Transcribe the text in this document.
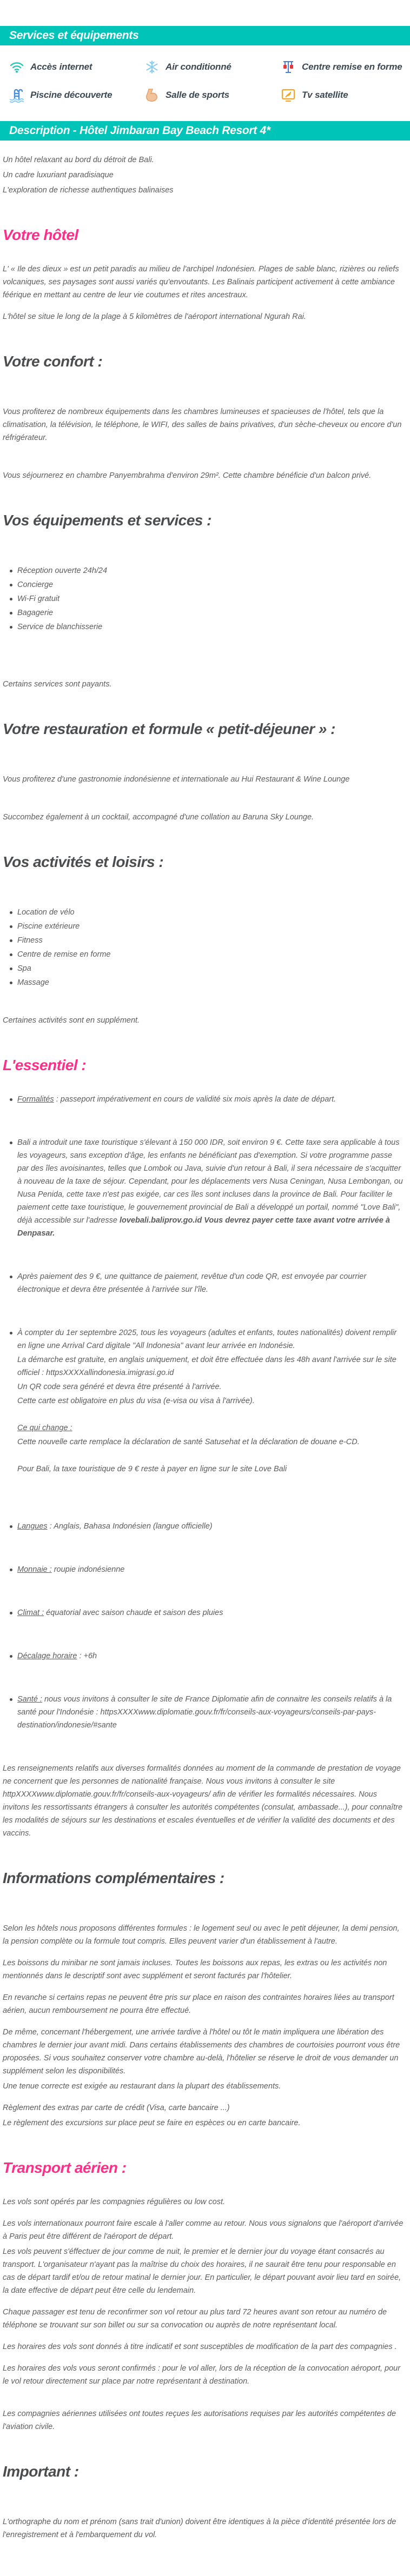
Services et équipements
Accès internet	Air conditionné	Centre remise en forme
Piscine découverte	Salle de sports	Tv satellite
Description - Hôtel Jimbaran Bay Beach Resort 4*
Un hôtel relaxant au bord du détroit de Bali.
Un cadre luxuriant paradisiaque
L'exploration de richesse authentiques balinaises
Votre hôtel
L' « Ile des dieux » est un petit paradis au milieu de l'archipel Indonésien. Plages de sable blanc, rizières ou reliefs volcaniques, ses paysages sont aussi variés qu'envoutants. Les Balinais participent activement à cette ambiance féérique en mettant au centre de leur vie coutumes et rites ancestraux.
L'hôtel se situe le long de la plage à 5 kilomètres de l'aéroport international Ngurah Rai.
Votre confort :
Vous profiterez de nombreux équipements dans les chambres lumineuses et spacieuses de l'hôtel, tels que la climatisation, la télévision, le téléphone, le WIFI, des salles de bains privatives, d'un sèche-cheveux ou encore d'un réfrigérateur.
Vous séjournerez en chambre Panyembrahma d'environ 29m². Cette chambre bénéficie d'un balcon privé.
Vos équipements et services :
Réception ouverte 24h/24
Concierge
Wi-Fi gratuit
Bagagerie
Service de blanchisserie
Certains services sont payants.
Votre restauration et formule « petit-déjeuner » :
Vous profiterez d'une gastronomie indonésienne et internationale au Hui Restaurant & Wine Lounge
Succombez également à un cocktail, accompagné d'une collation au Baruna Sky Lounge.
Vos activités et loisirs :
Location de vélo
Piscine extérieure
Fitness
Centre de remise en forme
Spa
Massage
Certaines activités sont en supplément.
L'essentiel :
Formalités : passeport impérativement en cours de validité six mois après la date de départ.
Bali a introduit une taxe touristique s'élevant à 150 000 IDR, soit environ 9 €. Cette taxe sera applicable à tous les voyageurs, sans exception d'âge, les enfants ne bénéficiant pas d'exemption. Si votre programme passe par des îles avoisinantes, telles que Lombok ou Java, suivie d'un retour à Bali, il sera nécessaire de s'acquitter à nouveau de la taxe de séjour. Cependant, pour les déplacements vers Nusa Ceningan, Nusa Lembongan, ou Nusa Penida, cette taxe n'est pas exigée, car ces îles sont incluses dans la province de Bali. Pour faciliter le paiement cette taxe touristique, le gouvernement provincial de Bali a développé un portail, nommé "Love Bali", déjà accessible sur l'adresse lovebali.baliprov.go.id Vous devrez payer cette taxe avant votre arrivée à Denpasar.
Après paiement des 9 €, une quittance de paiement, revêtue d'un code QR, est envoyée par courrier électronique et devra être présentée à l'arrivée sur l'île.
À compter du 1er septembre 2025, tous les voyageurs (adultes et enfants, toutes nationalités) doivent remplir en ligne une Arrival Card digitale "All Indonesia" avant leur arrivée en Indonésie.
La démarche est gratuite, en anglais uniquement, et doit être effectuée dans les 48h avant l'arrivée sur le site officiel : httpsXXXXallindonesia.imigrasi.go.id
Un QR code sera généré et devra être présenté à l'arrivée.
Cette carte est obligatoire en plus du visa (e-visa ou visa à l'arrivée).
Ce qui change :
Cette nouvelle carte remplace la déclaration de santé Satusehat et la déclaration de douane e-CD.
Pour Bali, la taxe touristique de 9 € reste à payer en ligne sur le site Love Bali
Langues : Anglais, Bahasa Indonésien (langue officielle)
Monnaie : roupie indonésienne
Climat : équatorial avec saison chaude et saison des pluies
Décalage horaire : +6h
Santé : nous vous invitons à consulter le site de France Diplomatie afin de connaitre les conseils relatifs à la santé pour l'Indonésie : httpsXXXXwww.diplomatie.gouv.fr/fr/conseils-aux-voyageurs/conseils-par-pays-destination/indonesie/#sante
Les renseignements relatifs aux diverses formalités données au moment de la commande de prestation de voyage ne concernent que les personnes de nationalité française. Nous vous invitons à consulter le site httpXXXXwww.diplomatie.gouv.fr/fr/conseils-aux-voyageurs/ afin de vérifier les formalités nécessaires. Nous invitons les ressortissants étrangers à consulter les autorités compétentes (consulat, ambassade...), pour connaître les modalités de séjours sur les destinations et escales éventuelles et de vérifier la validité des documents et des vaccins.
Informations complémentaires :
Selon les hôtels nous proposons différentes formules : le logement seul ou avec le petit déjeuner, la demi pension, la pension complète ou la formule tout compris. Elles peuvent varier d'un établissement à l'autre.
Les boissons du minibar ne sont jamais incluses. Toutes les boissons aux repas, les extras ou les activités non mentionnés dans le descriptif sont avec supplément et seront facturés par l'hôtelier.
En revanche si certains repas ne peuvent être pris sur place en raison des contraintes horaires liées au transport aérien, aucun remboursement ne pourra être effectué.
De même, concernant l'hébergement, une arrivée tardive à l'hôtel ou tôt le matin impliquera une libération des chambres le dernier jour avant midi. Dans certains établissements des chambres de courtoisies pourront vous être proposées. Si vous souhaitez conserver votre chambre au-delà, l'hôtelier se réserve le droit de vous demander un supplément selon les disponibilités.
Une tenue correcte est exigée au restaurant dans la plupart des établissements.
Règlement des extras par carte de crédit (Visa, carte bancaire ...)
Le règlement des excursions sur place peut se faire en espèces ou en carte bancaire.
Transport aérien :
Les vols sont opérés par les compagnies régulières ou low cost.
Les vols internationaux pourront faire escale à l'aller comme au retour. Nous vous signalons que l'aéroport d'arrivée à Paris peut être différent de l'aéroport de départ.
Les vols peuvent s'éffectuer de jour comme de nuit, le premier et le dernier jour du voyage étant consacrés au transport. L'organisateur n'ayant pas la maîtrise du choix des horaires, il ne saurait être tenu pour responsable en cas de départ tardif et/ou de retour matinal le dernier jour. En particulier, le départ pouvant avoir lieu tard en soirée, la date effective de départ peut être celle du lendemain.
Chaque passager est tenu de reconfirmer son vol retour au plus tard 72 heures avant son retour au numéro de téléphone se trouvant sur son billet ou sur sa convocation ou auprès de notre représentant local.
Les horaires des vols sont donnés à titre indicatif et sont susceptibles de modification de la part des compagnies .
Les horaires des vols vous seront confirmés : pour le vol aller, lors de la réception de la convocation aéroport, pour le vol retour directement sur place par notre représentant à destination.
Les compagnies aériennes utilisées ont toutes reçues les autorisations requises par les autorités compétentes de l'aviation civile.
Important :
L'orthographe du nom et prénom (sans trait d'union) doivent être identiques à la pièce d'identité présentée lors de l'enregistrement et à l'embarquement du vol.
